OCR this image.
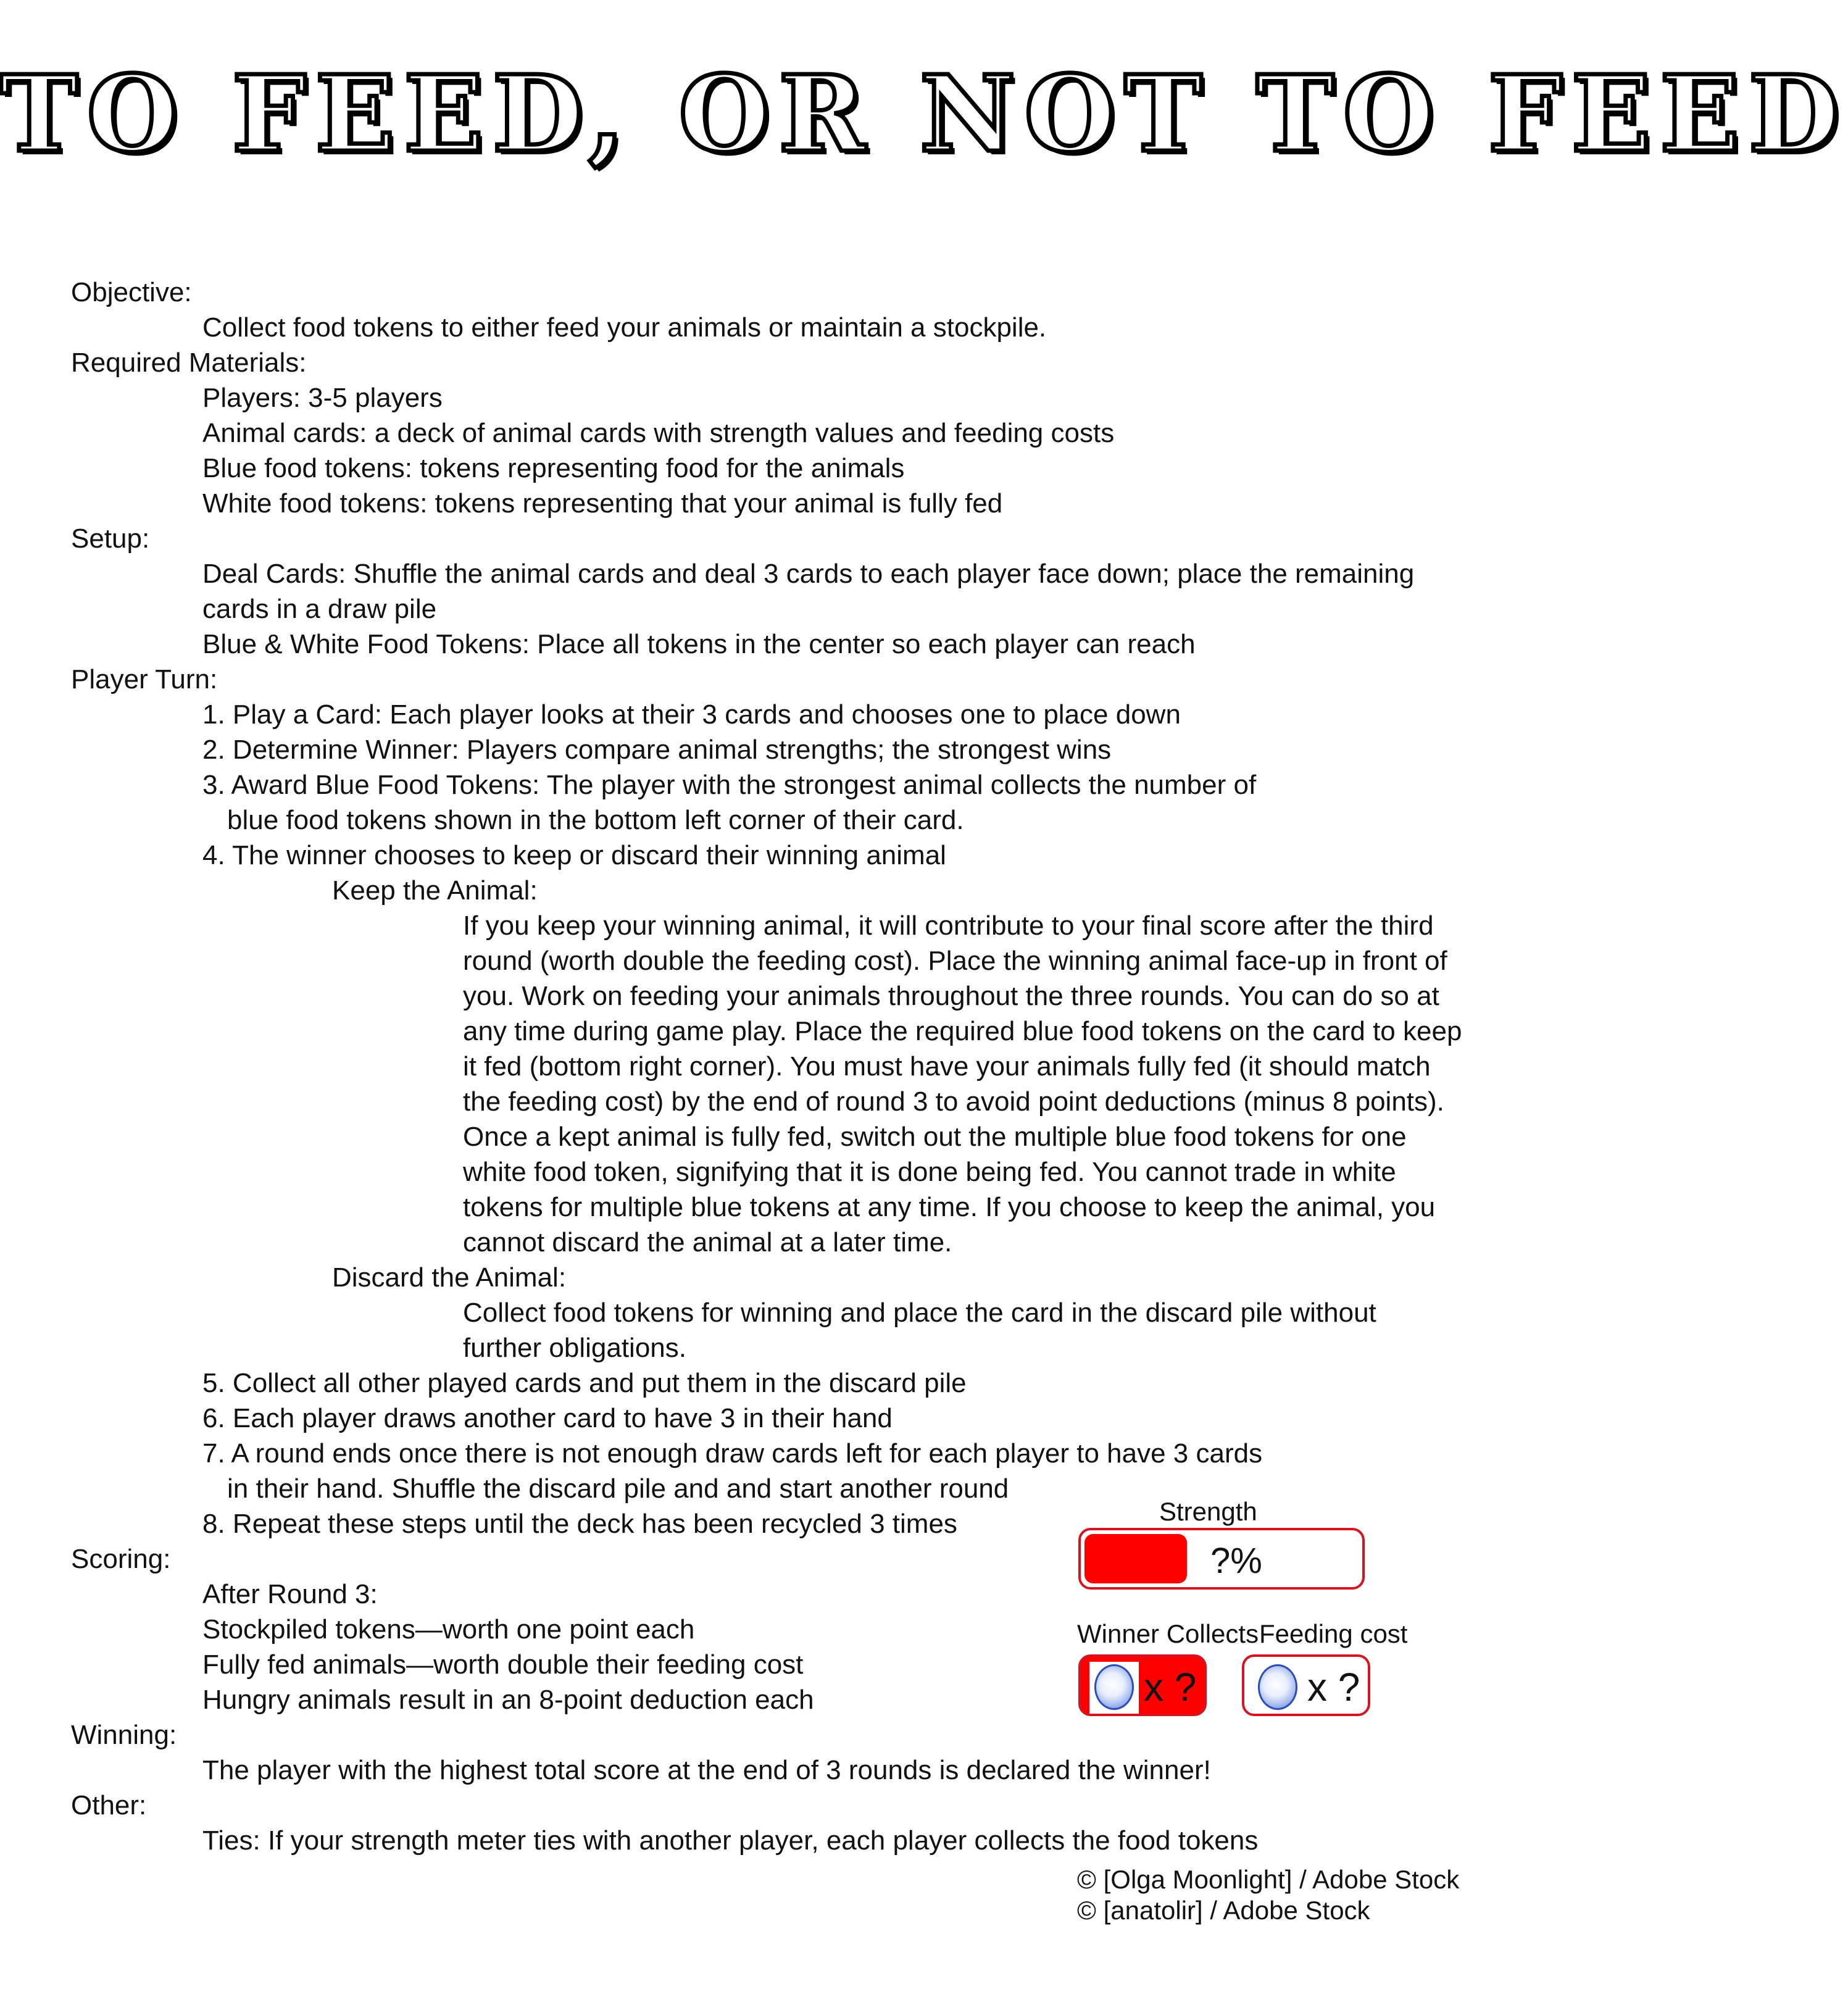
TO FEED, OR NOT TO FEED

Objective:

Collect food tokens to either feed your animals or maintain a stockpile.

Required Materials:

Players: 3-5 players

Animal cards: a deck of animal cards with strength values and feeding costs

Blue food tokens: tokens representing food for the animals

White food tokens: tokens representing that your animal is fully fed

Setup:

Deal Cards: Shuffle the animal cards and deal 3 cards to each player face down; place the remaining

cards in a draw pile

Blue & White Food Tokens: Place all tokens in the center so each player can reach

Player Turn:

1. Play a Card: Each player looks at their 3 cards and chooses one to place down

2. Determine Winner: Players compare animal strengths; the strongest wins

3. Award Blue Food Tokens: The player with the strongest animal collects the number of

blue food tokens shown in the bottom left corner of their card.

4. The winner chooses to keep or discard their winning animal

Keep the Animal:

If you keep your winning animal, it will contribute to your final score after the third round (worth double the feeding cost). Place the winning animal face-up in front of you. Work on feeding your animals throughout the three rounds. You can do so at any time during game play. Place the required blue food tokens on the card to keep it fed (bottom right corner). You must have your animals fully fed (it should match the feeding cost) by the end of round 3 to avoid point deductions (minus 8 points). Once a kept animal is fully fed, switch out the multiple blue food tokens for one white food token, signifying that it is done being fed. You cannot trade in white tokens for multiple blue tokens at any time. If you choose to keep the animal, you cannot discard the animal at a later time.

Discard the Animal:

Collect food tokens for winning and place the card in the discard pile without further obligations.

5. Collect all other played cards and put them in the discard pile

6. Each player draws another card to have 3 in their hand

7. A round ends once there is not enough draw cards left for each player to have 3 cards

in their hand. Shuffle the discard pile and and start another round

8. Repeat these steps until the deck has been recycled 3 times

Scoring:

After Round 3:

Stockpiled tokens—worth one point each

Fully fed animals—worth double their feeding cost

Hungry animals result in an 8-point deduction each

Winning:

The player with the highest total score at the end of 3 rounds is declared the winner!

Other:

Ties: If your strength meter ties with another player, each player collects the food tokens

Strength
?%
Winner Collects
x ?
Feeding cost
x ?
© [Olga Moonlight] / Adobe Stock
© [anatolir] / Adobe Stock
